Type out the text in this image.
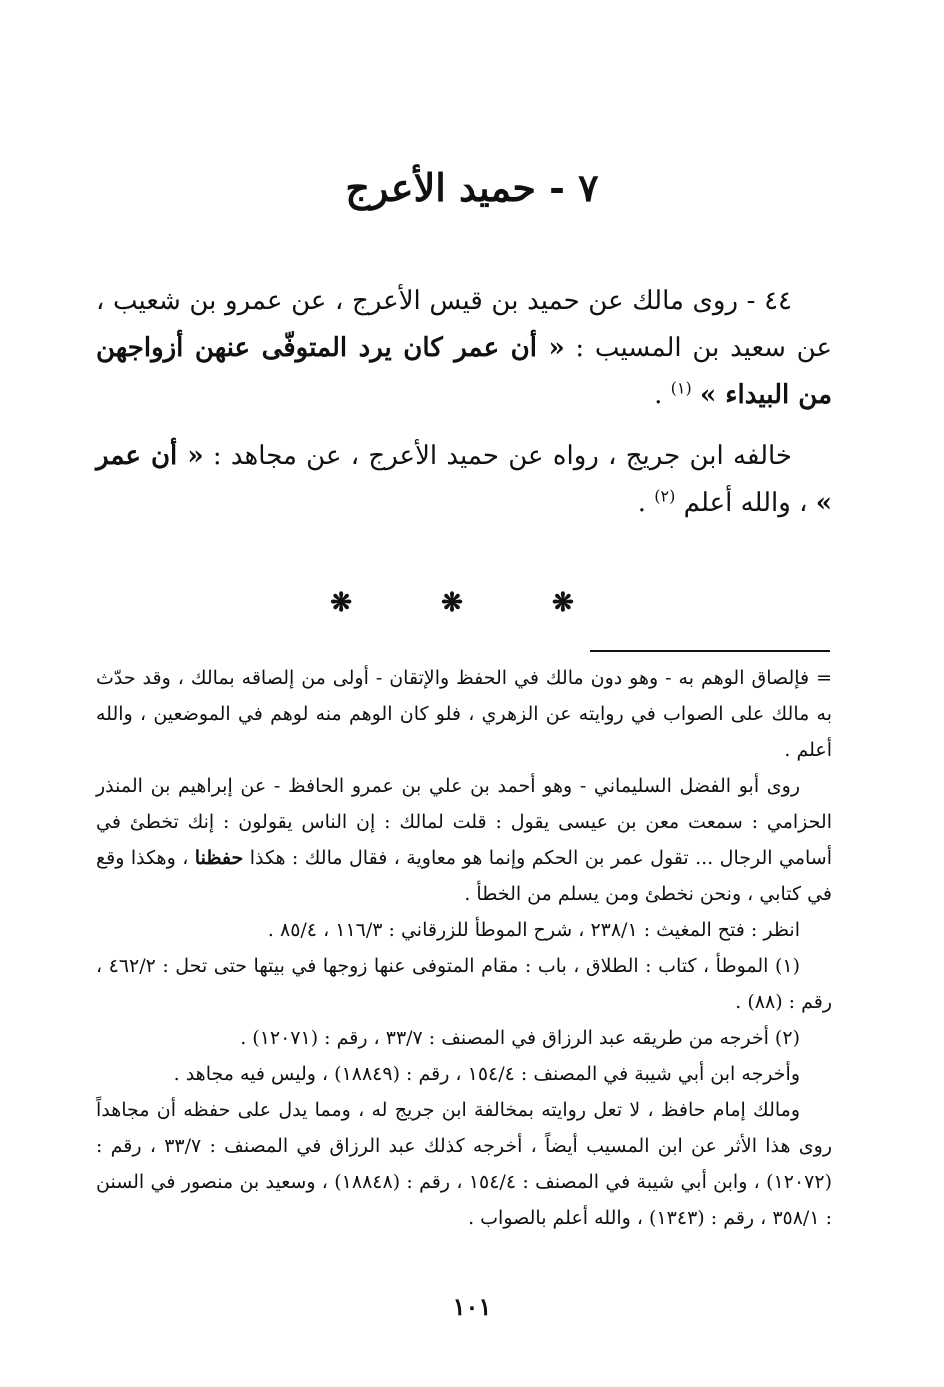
٧ - حميد الأعرج

٤٤ - روى مالك عن حميد بن قيس الأعرج ، عن عمرو بن شعيب ، عن سعيد بن المسيب : « أن عمر كان يرد المتوفّى عنهن أزواجهن من البيداء » $^{(١)}$ .

خالفه ابن جريج ، رواه عن حميد الأعرج ، عن مجاهد : « أن عمر » ، والله أعلم $^{(٢)}$ .

❋ ❋ ❋

= فإلصاق الوهم به - وهو دون مالك في الحفظ والإتقان - أولى من إلصاقه بمالك ، وقد حدّث به مالك على الصواب في روايته عن الزهري ، فلو كان الوهم منه لوهم في الموضعين ، والله أعلم .

روى أبو الفضل السليماني - وهو أحمد بن علي بن عمرو الحافظ - عن إبراهيم بن المنذر الحزامي : سمعت معن بن عيسى يقول : قلت لمالك : إن الناس يقولون : إنك تخطئ في أسامي الرجال ... تقول عمر بن الحكم وإنما هو معاوية ، فقال مالك : هكذا حفظنا ، وهكذا وقع في كتابي ، ونحن نخطئ ومن يسلم من الخطأ .

انظر : فتح المغيث : ٢٣٨/١ ، شرح الموطأ للزرقاني : ١١٦/٣ ، ٨٥/٤ .

(١) الموطأ ، كتاب : الطلاق ، باب : مقام المتوفى عنها زوجها في بيتها حتى تحل : ٤٦٢/٢ ، رقم : (٨٨) .

(٢) أخرجه من طريقه عبد الرزاق في المصنف : ٣٣/٧ ، رقم : (١٢٠٧١) .

وأخرجه ابن أبي شيبة في المصنف : ١٥٤/٤ ، رقم : (١٨٨٤٩) ، وليس فيه مجاهد .

ومالك إمام حافظ ، لا تعل روايته بمخالفة ابن جريج له ، ومما يدل على حفظه أن مجاهداً روى هذا الأثر عن ابن المسيب أيضاً ، أخرجه كذلك عبد الرزاق في المصنف : ٣٣/٧ ، رقم : (١٢٠٧٢) ، وابن أبي شيبة في المصنف : ١٥٤/٤ ، رقم : (١٨٨٤٨) ، وسعيد بن منصور في السنن : ٣٥٨/١ ، رقم : (١٣٤٣) ، والله أعلم بالصواب .

١٠١
